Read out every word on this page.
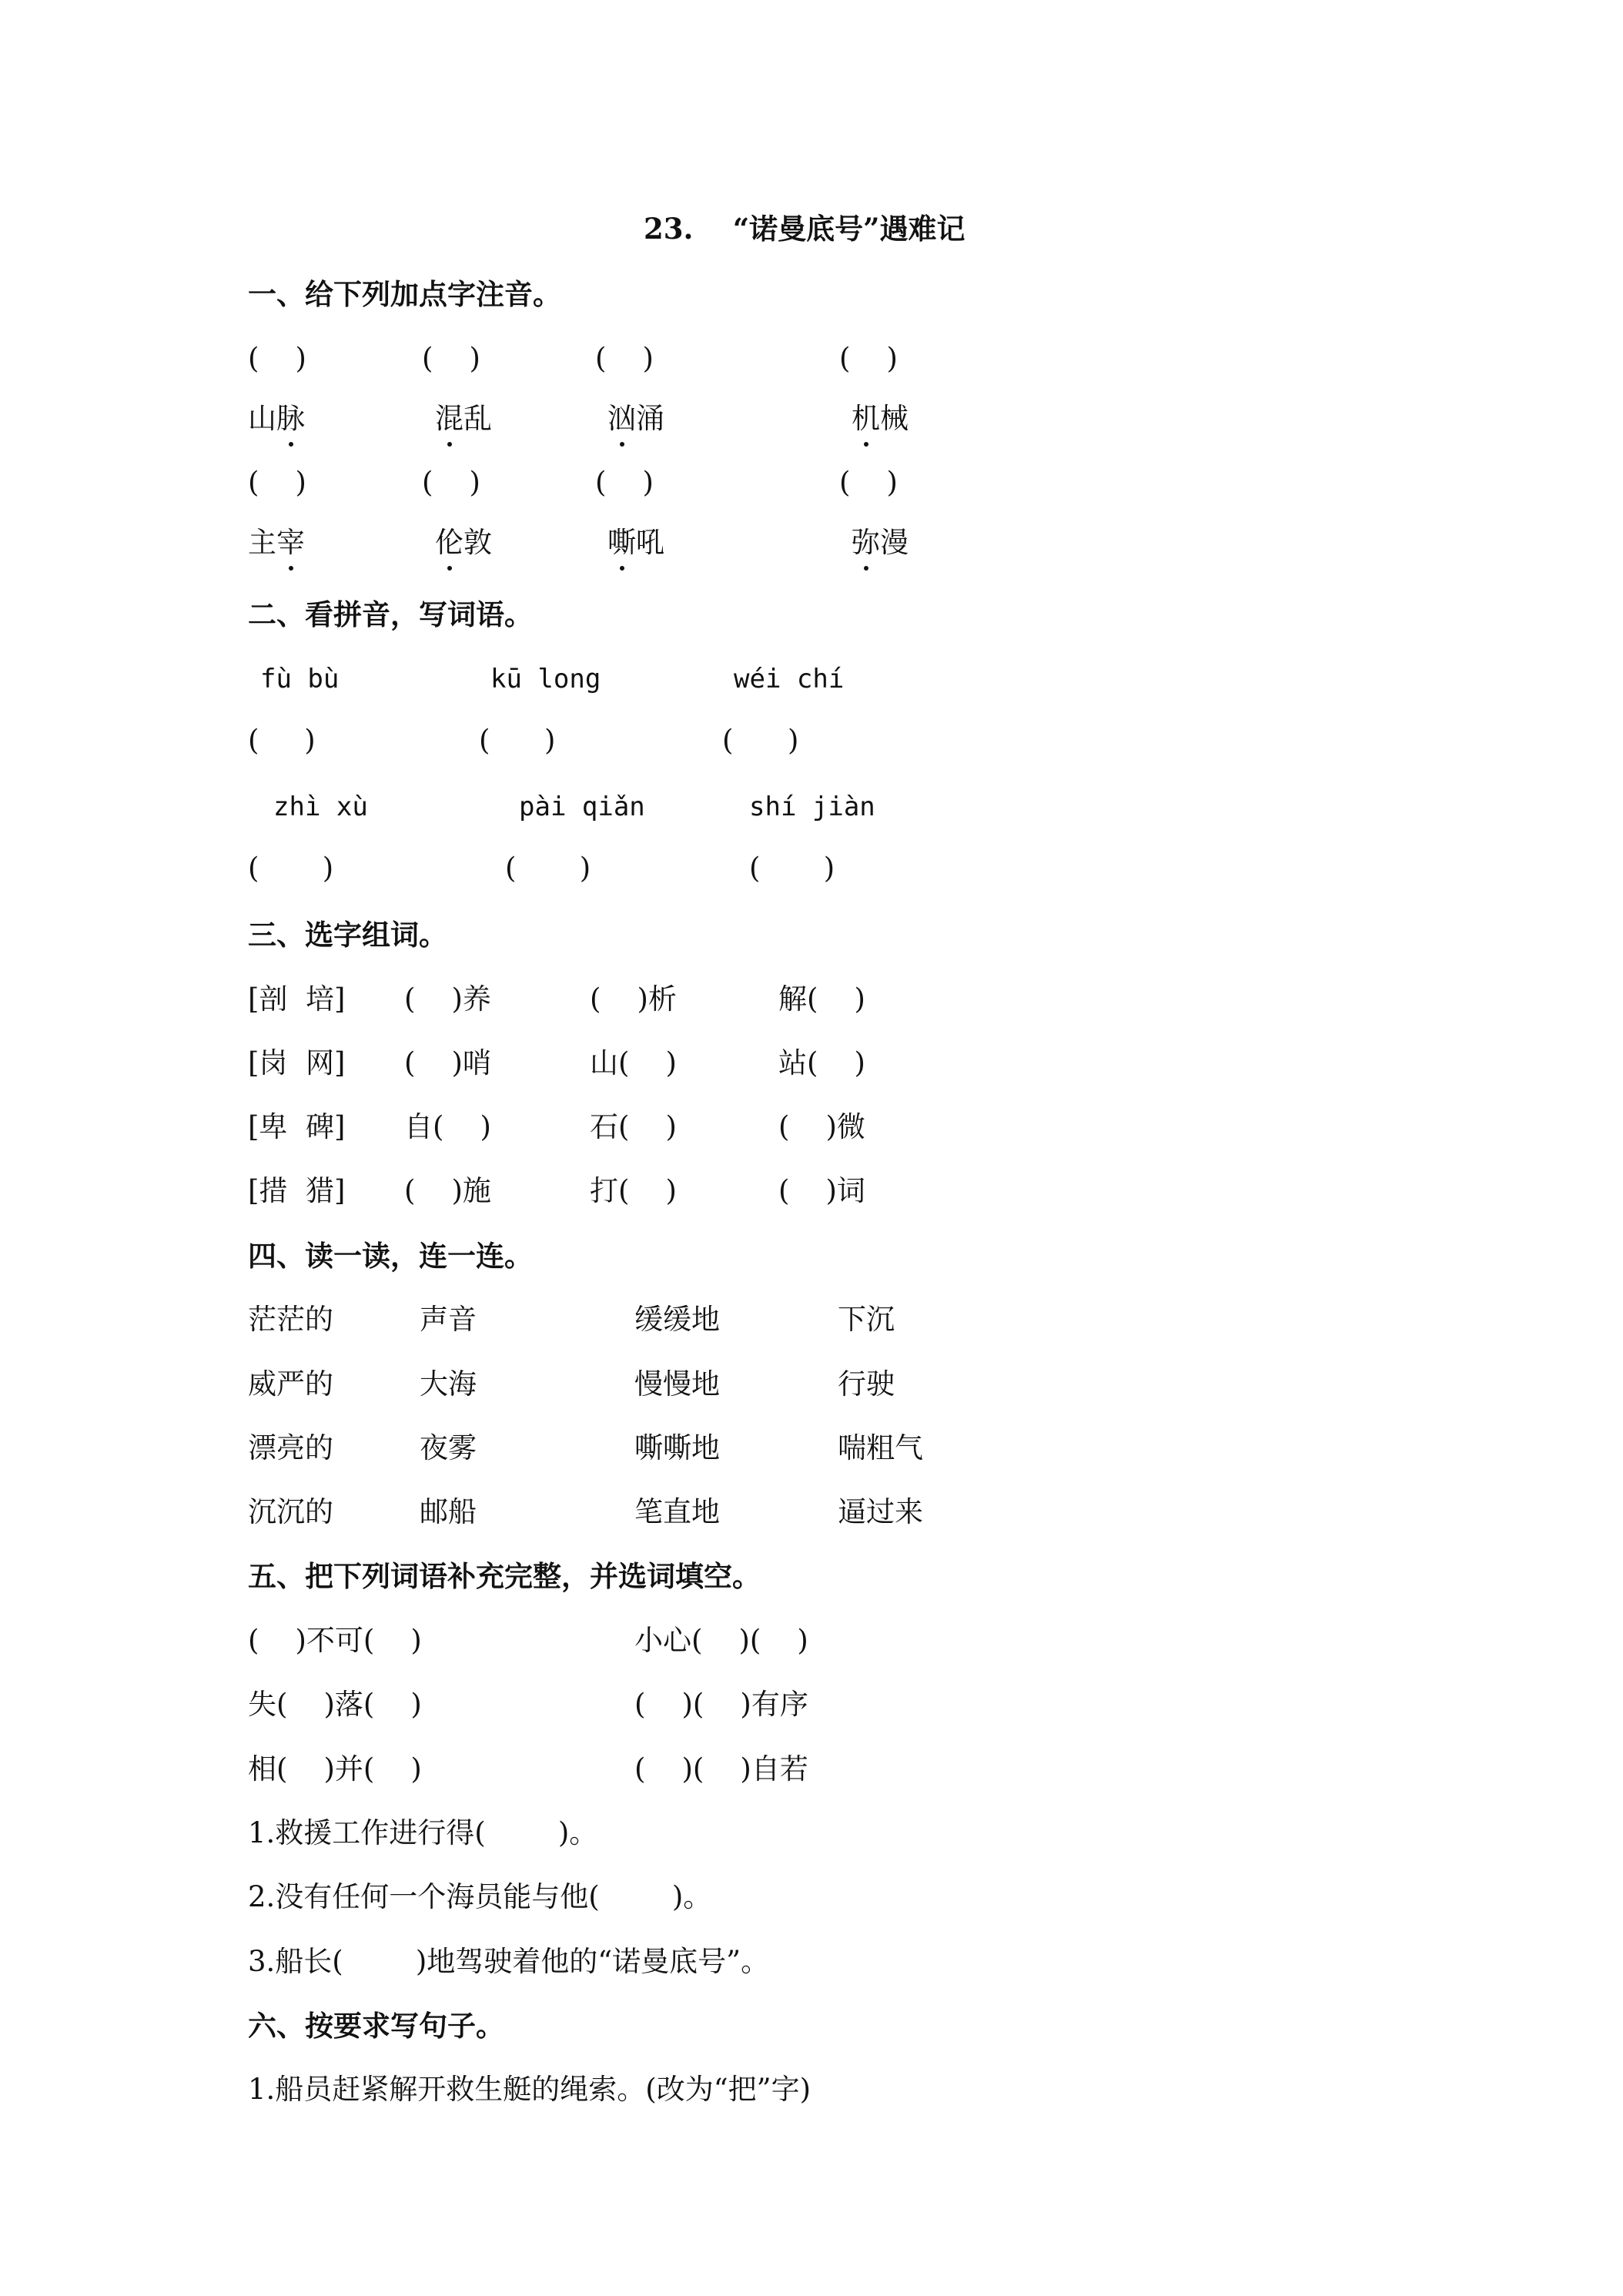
23.    “诺曼底号”遇难记
一、给下列加点字注音。
(    )	(    )	(    )	(    )
山脉	混乱	汹涌	机械
(    )	(    )	(    )	(    )
主宰	伦敦	嘶吼	弥漫
二、看拼音，写词语。
fù bù	kū long	wéi chí
(     )	(      )	(      )
zhì xù	pài qiǎn	shí jiàn
(       )	(       )	(       )
三、选字组词。
[剖  培] (    )养	(    )析	解(    )
[岗  网] (    )哨	山(    )	站(    )
[卑  碑] 自(    )	石(    )	(    )微
[措  猎] (    )施	打(    )	(    )词
四、读一读，连一连。
茫茫的	声音	缓缓地	下沉
威严的	大海	慢慢地	行驶
漂亮的	夜雾	嘶嘶地	喘粗气
沉沉的	邮船	笔直地	逼过来
五、把下列词语补充完整，并选词填空。
(    )不可(    )	小心(    )(    )
失(    )落(    )	(    )(    )有序
相(    )并(    )	(    )(    )自若
1.救援工作进行得(        )。
2.没有任何一个海员能与他(        )。
3.船长(        )地驾驶着他的“诺曼底号”。
六、按要求写句子。
1.船员赶紧解开救生艇的绳索。(改为“把”字)
